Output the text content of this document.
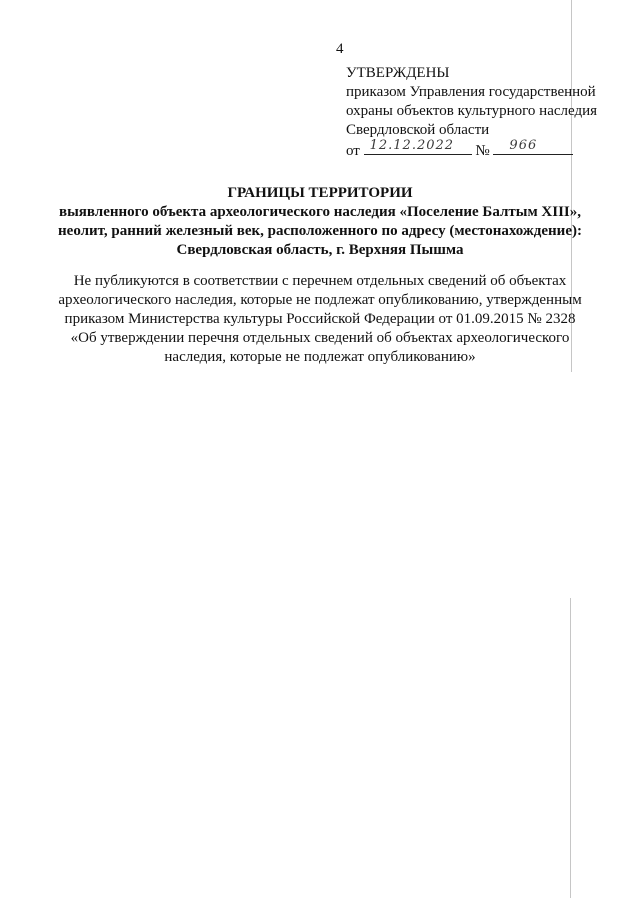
4
УТВЕРЖДЕНЫ
приказом Управления государственной
охраны объектов культурного наследия
Свердловской области
от 12.12.2022 № 966
ГРАНИЦЫ ТЕРРИТОРИИ
выявленного объекта археологического наследия «Поселение Балтым XIII»,
неолит, ранний железный век, расположенного по адресу (местонахождение):
Свердловская область, г. Верхняя Пышма
Не публикуются в соответствии с перечнем отдельных сведений об объектах
археологического наследия, которые не подлежат опубликованию, утвержденным
приказом Министерства культуры Российской Федерации от 01.09.2015 № 2328
«Об утверждении перечня отдельных сведений об объектах археологического
наследия, которые не подлежат опубликованию»
